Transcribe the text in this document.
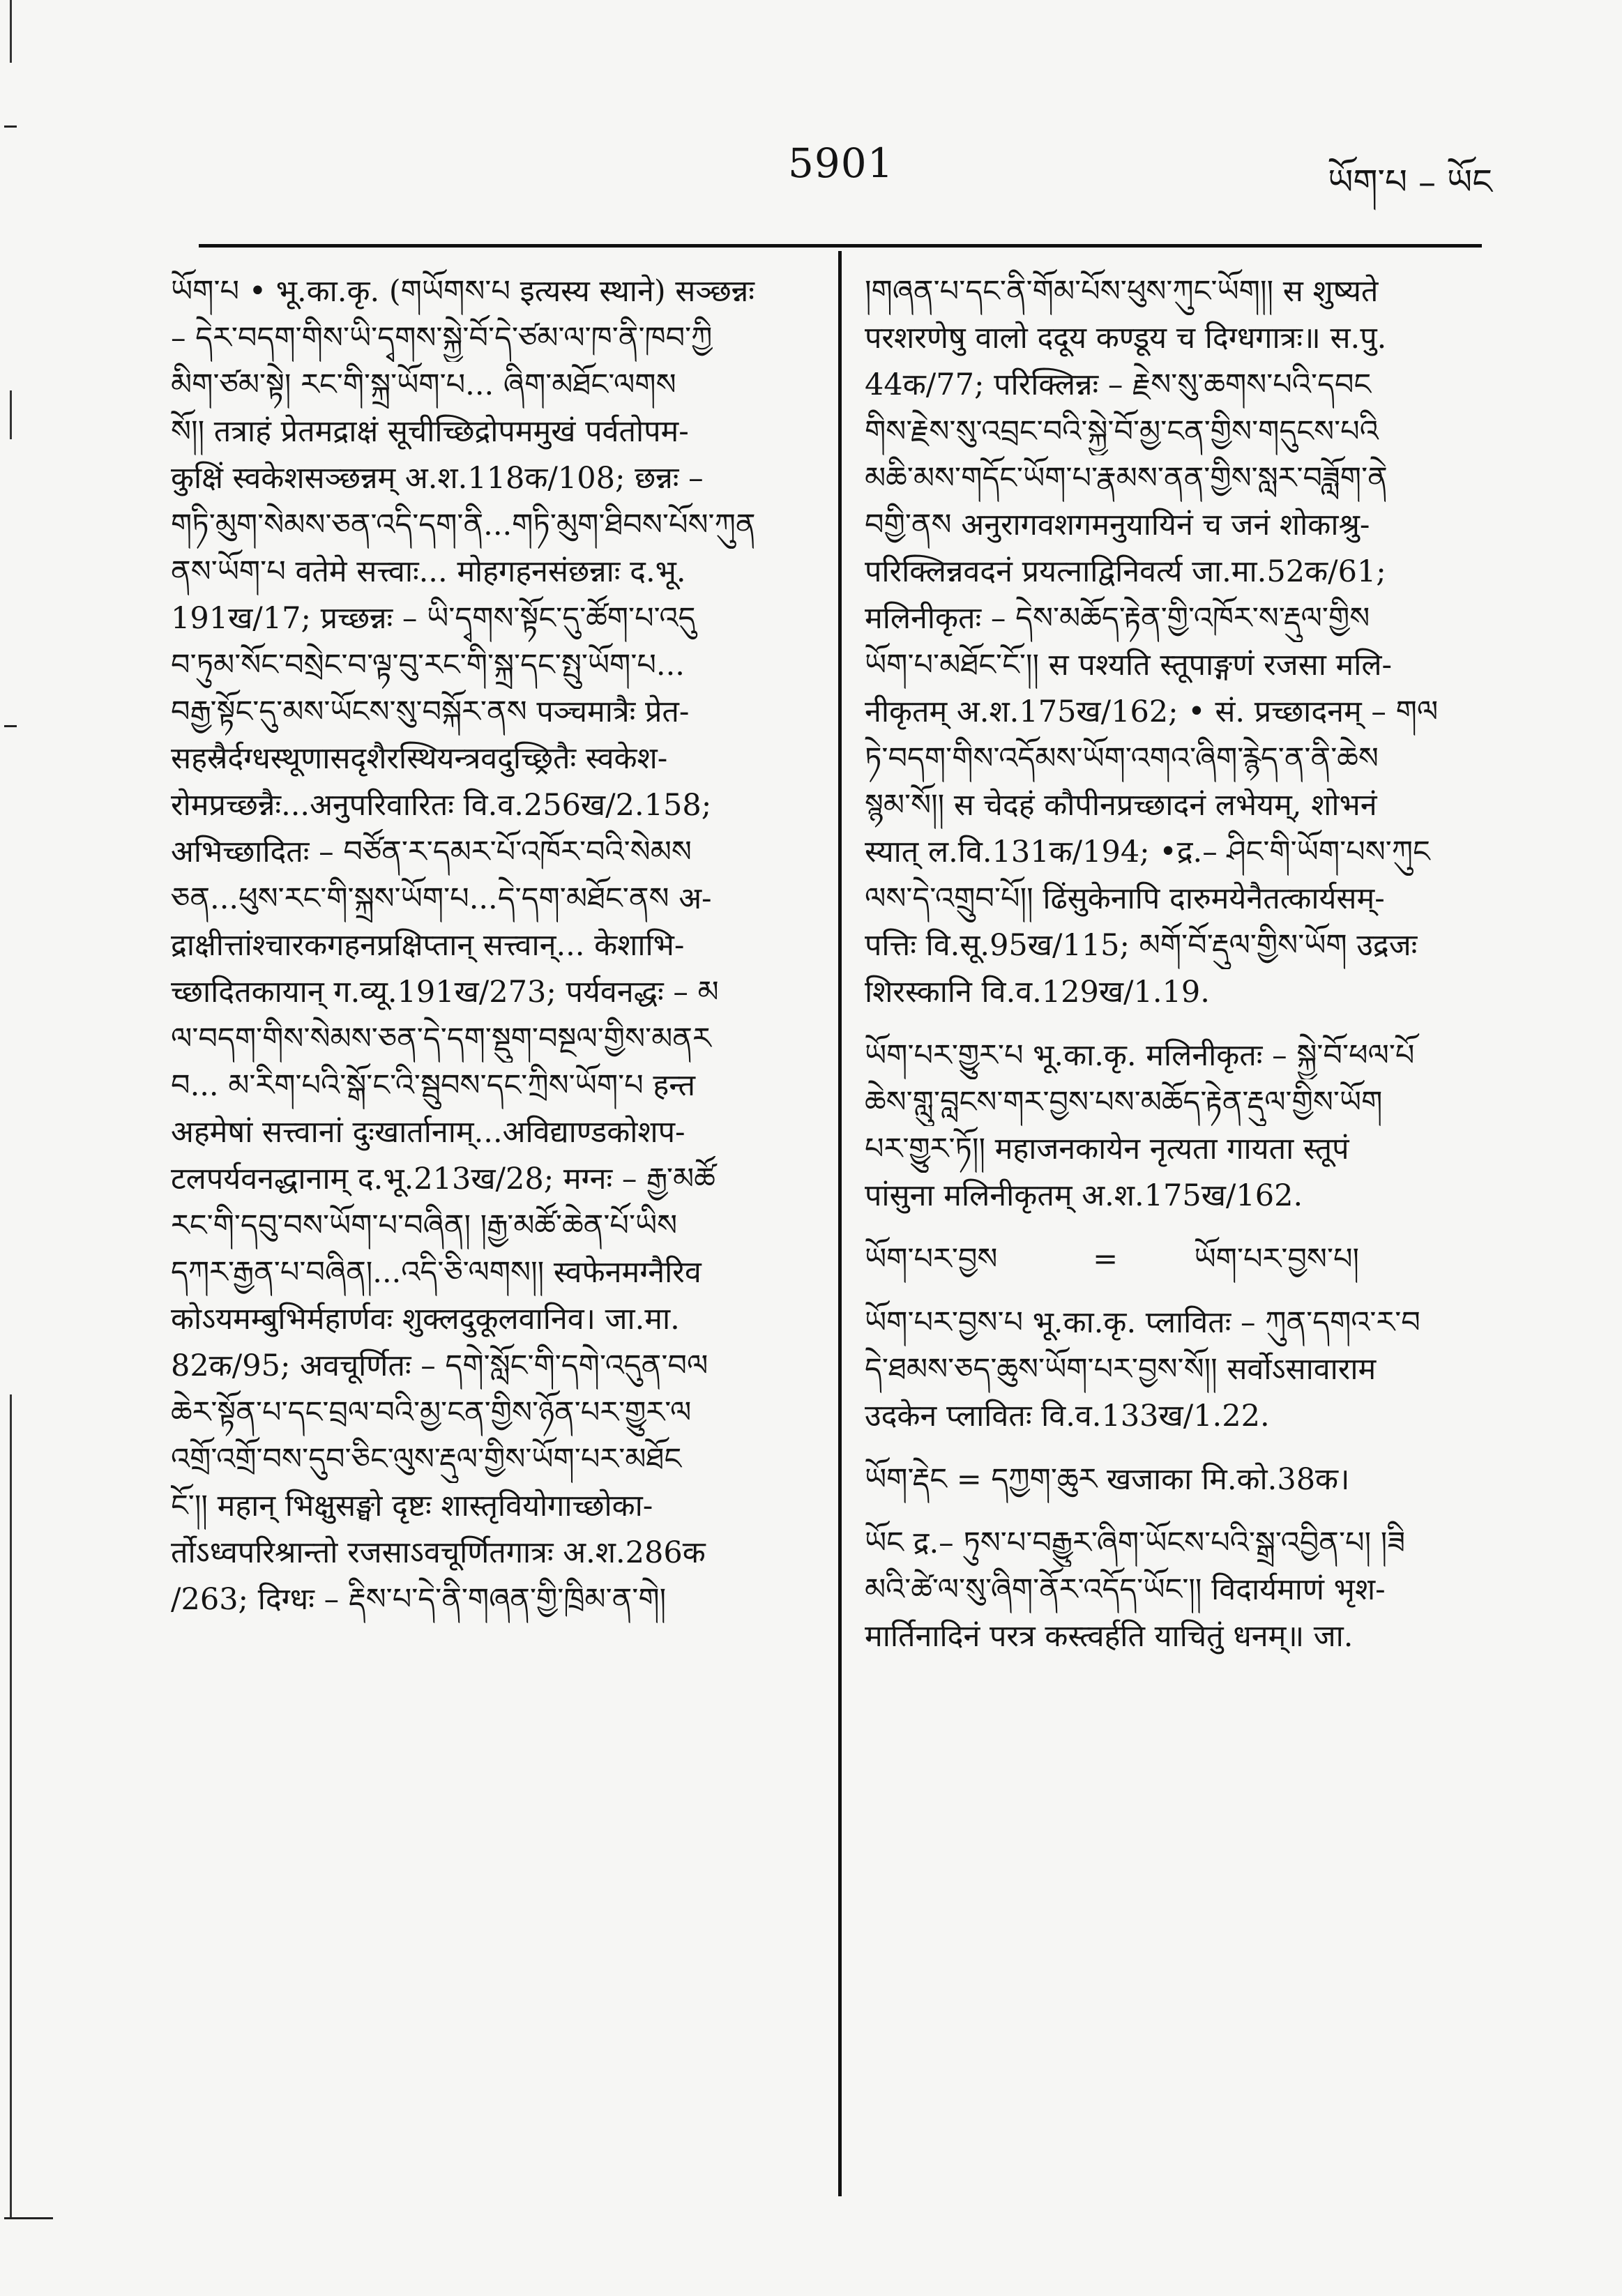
5901	ཡོག་པ – ཡོང
ཡོག་པ • भू.का.कृ. (གཡོགས་པ इत्यस्य स्थाने) सञ्छन्नः
– དེར་བདག་གིས་ཡི་དྭགས་སྐྱེ་བོ་དེ་ཙམ་ལ་ཁ་ནི་ཁབ་ཀྱི
མིག་ཙམ་སྟེ། རང་གི་སྐྲ་ཡོག་པ... ཞིག་མཐོང་ལགས
སོ།། तत्राहं प्रेतमद्राक्षं सूचीच्छिद्रोपममुखं पर्वतोपम-
कुक्षिं स्वकेशसञ्छन्नम् अ.श.118क/108; छन्नः –
གཏི་མུག་སེམས་ཅན་འདི་དག་ནི...གཏི་མུག་ཐིབས་པོས་ཀུན
ནས་ཡོག་པ वतेमे सत्त्वाः... मोहगहनसंछन्नाः द.भू.
191ख/17; प्रच्छन्नः – ཡི་དྭགས་སྟོང་དུ་ཚོག་པ་འདུ
བ་ཏུམ་སོང་བསྲེང་བ་ལྟ་བུ་རང་གི་སྐྲ་དང་སྤུ་ཡོག་པ...
བརྒྱ་སྟོང་དུ་མས་ཡོངས་སུ་བསྐོར་ནས पञ्चमात्रैः प्रेत-
सहस्रैर्दग्धस्थूणासदृशैरस्थियन्त्रवदुच्छ्रितैः स्वकेश-
रोमप्रच्छन्नैः...अनुपरिवारितः वि.व.256ख/2.158;
अभिच्छादितः – བཙོན་ར་དམར་པོ་འཁོར་བའི་སེམས
ཅན...ཕུས་རང་གི་སྐྲས་ཡོག་པ...དེ་དག་མཐོང་ནས अ-
द्राक्षीत्तांश्चारकगहनप्रक्षिप्तान् सत्त्वान्... केशाभि-
च्छादितकायान् ग.व्यू.191ख/273; पर्यवनद्धः – མ
ལ་བདག་གིས་སེམས་ཅན་དེ་དག་སྡུག་བསྔལ་གྱིས་མནར
བ... མ་རིག་པའི་སྒོ་ང་འི་སྦུབས་དང་ཀྲིས་ཡོག་པ हन्त
अहमेषां सत्त्वानां दुःखार्तानाम्...अविद्याण्डकोशप-
टलपर्यवनद्धानाम् द.भू.213ख/28; मग्नः – རྒྱ་མཚོ
རང་གི་དབུ་བས་ཡོག་པ་བཞིན། །རྒྱ་མཚོ་ཆེན་པོ་ཡིས
དཀར་རྒྱན་པ་བཞིན།...འདི་ཅི་ལགས།། स्वफेनमग्नैरिव
कोऽयमम्बुभिर्महार्णवः शुक्लदुकूलवानिव। जा.मा.
82क/95; अवचूर्णितः – དགེ་སློང་གི་དགེ་འདུན་བལ
ཆེར་སྟོན་པ་དང་བྲལ་བའི་མྱ་ངན་གྱིས་ཉོན་པར་གྱུར་ལ
འགྲོ་འགྲོ་བས་དུབ་ཅིང་ལུས་རྡུལ་གྱིས་ཡོག་པར་མཐོང
ངོ་།། महान् भिक्षुसङ्घो दृष्टः शास्तृवियोगाच्छोका-
र्तोऽध्वपरिश्रान्तो रजसाऽवचूर्णितगात्रः अ.श.286क
/263; दिग्धः – རྡིས་པ་དེ་ནི་གཞན་གྱི་ཁྲིམ་ན་གེ།
།གཞན་པ་དང་ནི་གོམ་པོས་ཕུས་ཀུང་ཡོག།། स शुष्यते
परशरणेषु वालो ददूय कण्डूय च दिग्धगात्रः॥ स.पु.
44क/77; परिक्लिन्नः – རྗེས་སུ་ཆགས་པའི་དབང
གིས་རྗེས་སུ་འབྲང་བའི་སྐྱེ་བོ་མྱ་ངན་གྱིས་གདུངས་པའི
མཆི་མས་གདོང་ཡོག་པ་རྣམས་ནན་གྱིས་སླར་བཟློག་ནེ
བགྱི་ནས अनुरागवशगमनुयायिनं च जनं शोकाश्रु-
परिक्लिन्नवदनं प्रयत्नाद्विनिवर्त्य जा.मा.52क/61;
मलिनीकृतः – དེས་མཆོད་རྟེན་གྱི་འཁོར་ས་རྡུལ་གྱིས
ཡོག་པ་མཐོང་ངོ་།། स पश्यति स्तूपाङ्गणं रजसा मलि-
नीकृतम् अ.श.175ख/162; • सं. प्रच्छादनम् – གལ
ཏེ་བདག་གིས་འདོམས་ཡོག་འགའ་ཞིག་རྙེད་ན་ནི་ཆེས
སྙམ་སོ།། स चेदहं कौपीनप्रच्छादनं लभेयम्, शोभनं
स्यात् ल.वि.131क/194; •द्र.– ཤིང་གི་ཡོག་པས་ཀུང
ལས་དེ་འགྲུབ་པོ།། ढिंसुकेनापि दारुमयेनैतत्कार्यसम्-
पत्तिः वि.सू.95ख/115; མགོ་བོ་རྡུལ་གྱིས་ཡོག उद्रजः
शिरस्कानि वि.व.129ख/1.19.
ཡོག་པར་གྱུར་པ भू.का.कृ. मलिनीकृतः – སྐྱེ་བོ་ཕལ་པོ
ཆེས་གླུ་བླངས་གར་བྱས་པས་མཆོད་རྟེན་རྡུལ་གྱིས་ཡོག
པར་གྱུར་ཏོ།། महाजनकायेन नृत्यता गायता स्तूपं
पांसुना मलिनीकृतम् अ.श.175ख/162.
ཡོག་པར་བྱས          =        ཡོག་པར་བྱས་པ།
ཡོག་པར་བྱས་པ भू.का.कृ. प्लावितः – ཀུན་དགའ་ར་བ
དེ་ཐམས་ཅད་ཆུས་ཡོག་པར་བྱས་སོ།། सर्वोऽसावाराम
उदकेन प्लावितः वि.व.133ख/1.22.
ཡོག་རྡེང = དཀྱག་ཆུར खजाका मि.को.38क।
ཡོང द्र.– ཏུས་པ་བརྒྱུར་ཞིག་ཡོངས་པའི་སྒྲ་འབྱིན་པ། །ཟི
མའི་ཚེ་ལ་སུ་ཞིག་ནོར་འདོད་ཡོང་།། विदार्यमाणं भृश-
मार्तिनादिनं परत्र कस्त्वर्हति याचितुं धनम्॥ जा.
